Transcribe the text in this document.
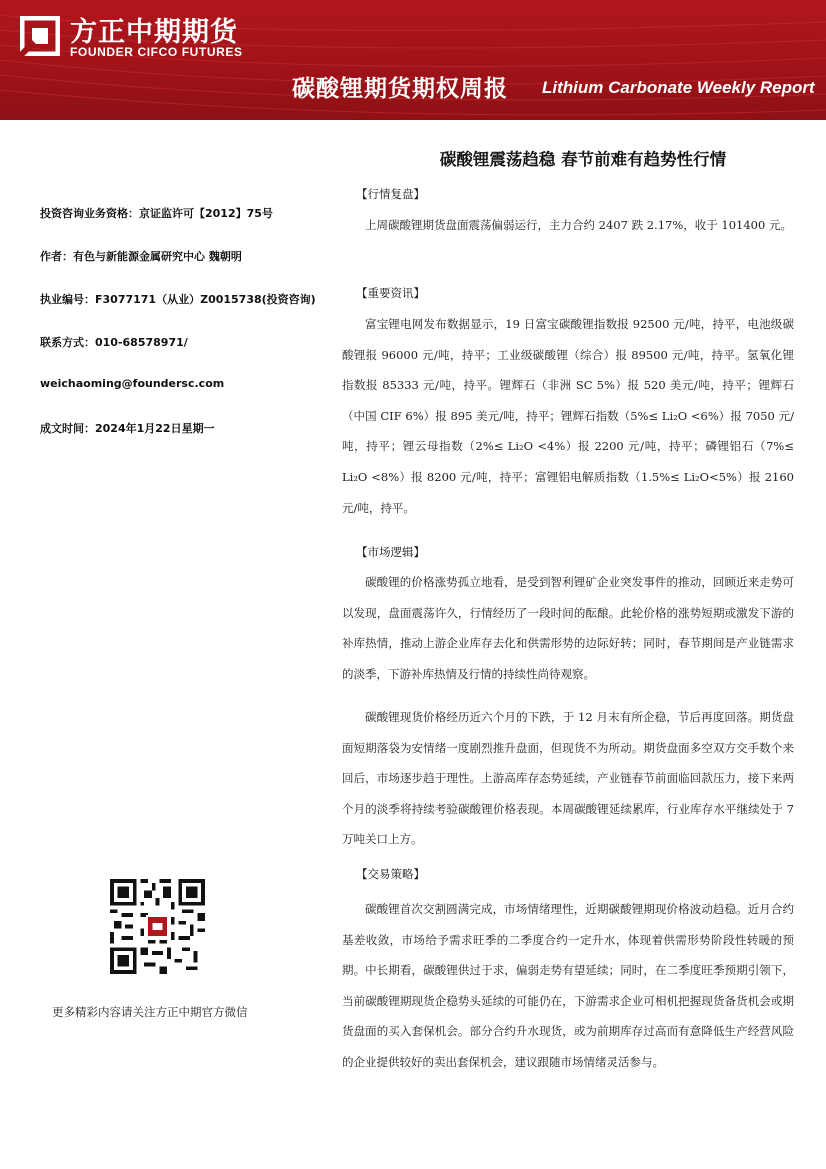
方正中期期货
FOUNDER CIFCO FUTURES
碳酸锂期货期权周报 Lithium Carbonate Weekly Report
碳酸锂震荡趋稳 春节前难有趋势性行情
投资咨询业务资格：京证监许可【2012】75号
作者：有色与新能源金属研究中心 魏朝明
执业编号：F3077171（从业）Z0015738(投资咨询)
联系方式：010-68578971/
weichaoming@foundersc.com
成文时间：2024年1月22日星期一
更多精彩内容请关注方正中期官方微信
【行情复盘】

上周碳酸锂期货盘面震荡偏弱运行，主力合约 2407 跌 2.17%，收于 101400 元。

【重要资讯】

富宝锂电网发布数据显示，19 日富宝碳酸锂指数报 92500 元/吨，持平，电池级碳酸锂报 96000 元/吨，持平；工业级碳酸锂（综合）报 89500 元/吨，持平。氢氧化锂指数报 85333 元/吨，持平。锂辉石（非洲 SC 5%）报 520 美元/吨，持平；锂辉石（中国 CIF 6%）报 895 美元/吨，持平；锂辉石指数（5%≤ Li₂O <6%）报 7050 元/吨，持平；锂云母指数（2%≤ Li₂O <4%）报 2200 元/吨，持平；磷锂铝石（7%≤ Li₂O <8%）报 8200 元/吨，持平；富锂铝电解质指数（1.5%≤ Li₂O<5%）报 2160 元/吨，持平。

【市场逻辑】

碳酸锂的价格涨势孤立地看，是受到智利锂矿企业突发事件的推动，回顾近来走势可以发现，盘面震荡许久，行情经历了一段时间的酝酿。此轮价格的涨势短期或激发下游的补库热情，推动上游企业库存去化和供需形势的边际好转；同时，春节期间是产业链需求的淡季，下游补库热情及行情的持续性尚待观察。

碳酸锂现货价格经历近六个月的下跌，于 12 月末有所企稳，节后再度回落。期货盘面短期落袋为安情绪一度剧烈推升盘面，但现货不为所动。期货盘面多空双方交手数个来回后，市场逐步趋于理性。上游高库存态势延续，产业链春节前面临回款压力，接下来两个月的淡季将持续考验碳酸锂价格表现。本周碳酸锂延续累库，行业库存水平继续处于 7 万吨关口上方。

【交易策略】

碳酸锂首次交割圆满完成，市场情绪理性，近期碳酸锂期现价格波动趋稳。近月合约基差收敛，市场给予需求旺季的二季度合约一定升水，体现着供需形势阶段性转暖的预期。中长期看，碳酸锂供过于求，偏弱走势有望延续；同时，在二季度旺季预期引领下，当前碳酸锂期现货企稳势头延续的可能仍在，下游需求企业可相机把握现货备货机会或期货盘面的买入套保机会。部分合约升水现货，或为前期库存过高而有意降低生产经营风险的企业提供较好的卖出套保机会，建议跟随市场情绪灵活参与。
